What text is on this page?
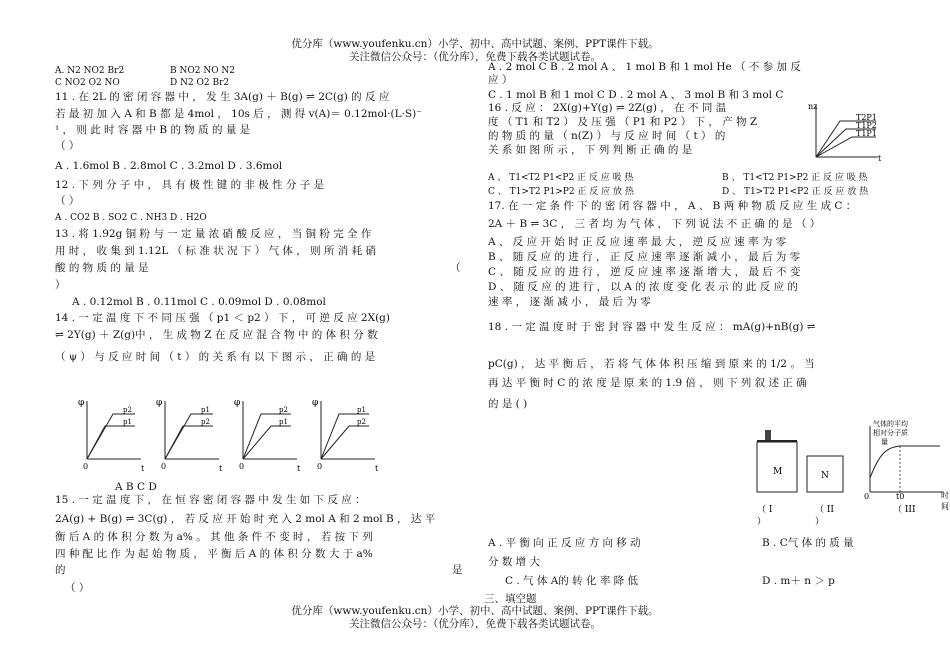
优分库（www.youfenku.cn）小学、初中、高中试题、案例、PPT课件下载。
关注微信公众号：（优分库），免费下载各类试题试卷。
A. N2 NO2 Br2	B NO2 NO N2
C NO2 O2 NO	D N2 O2 Br2
11 . 在 2L 的 密 闭 容 器 中 ， 发 生 3A(g) ＋ B(g) ⇌ 2C(g) 的 反 应
若 最 初 加 入 A 和 B 都 是 4mol ， 10s 后 ， 测 得 v(A)＝ 0.12mol·(L·S)⁻
¹ ， 则 此 时 容 器 中 B 的 物 质 的 量 是
（ ）
A . 1.6mol B . 2.8mol C . 3.2mol D . 3.6mol
12 . 下 列 分 子 中 ， 具 有 极 性 键 的 非 极 性 分 子 是
（ ）
A . CO2 B . SO2 C . NH3 D . H2O
13 . 将 1.92g 铜 粉 与 一 定 量 浓 硝 酸 反 应 ， 当 铜 粉 完 全 作
用 时 ， 收 集 到 1.12L （ 标 准 状 况 下 ） 气 体 ， 则 所 消 耗 硝
酸 的 物 质 的 量 是	（
）
A . 0.12mol B . 0.11mol C . 0.09mol D . 0.08mol
14 . 一 定 温 度 下 不 同 压 强 （ p1 ＜ p2 ） 下 ， 可 逆 反 应 2X(g)
⇌ 2Y(g) ＋ Z(g)中 ， 生 成 物 Z 在 反 应 混 合 物 中 的 体 积 分 数
（ ψ ） 与 反 应 时 间 （ t ） 的 关 系 有 以 下 图 示 ， 正 确 的 是
φ
0	t
p1
p2
φ
0	t
p1
p2
φ
0	t
p1
p2
φ
0	t
p1
p2
A B C D
15 . 一 定 温 度 下 ， 在 恒 容 密 闭 容 器 中 发 生 如 下 反 应 ：
2A(g) + B(g) ⇌ 3C(g) ， 若 反 应 开 始 时 充 入 2 mol A 和 2 mol B ， 达 平
衡 后 A 的 体 积 分 数 为 a% 。 其 他 条 件 不 变 时 ， 若 按 下 列
四 种 配 比 作 为 起 始 物 质 ， 平 衡 后 A 的 体 积 分 数 大 于 a%
的	是
（ ）
A . 2 mol C B . 2 mol A 、 1 mol B 和 1 mol He （ 不 参 加 反
应 ）
C . 1 mol B 和 1 mol C D . 2 mol A 、 3 mol B 和 3 mol C
16 . 反 应 ： 2X(g)+Y(g) ⇌ 2Z(g) ， 在 不 同 温
度 （ T1 和 T2 ） 及 压 强 （ P1 和 P2 ） 下 ， 产 物 Z
的 物 质 的 量 （ n(Z) ） 与 反 应 时 间 （ t ） 的
关 系 如 图 所 示 ， 下 列 判 断 正 确 的 是
nz
t
T2P1
T1P2
T1P1
A 、 T1<T2 P1<P2 正 反 应 吸 热	B 、 T1<T2 P1>P2 正 反 应 吸 热
C 、 T1>T2 P1>P2 正 反 应 放 热	D 、 T1>T2 P1<P2 正 反 应 放 热
17. 在 一 定 条 件 下 的 密 闭 容 器 中 ， A 、 B 两 种 物 质 反 应 生 成 C ：
2A ＋ B ⇌ 3C ， 三 者 均 为 气 体 ， 下 列 说 法 不 正 确 的 是 （ ）
A 、 反 应 开 始 时 正 反 应 速 率 最 大 ， 逆 反 应 速 率 为 零
B 、 随 反 应 的 进 行 ， 正 反 应 速 率 逐 渐 减 小 ， 最 后 为 零
C 、 随 反 应 的 进 行 ， 逆 反 应 速 率 逐 渐 增 大 ， 最 后 不 变
D 、 随 反 应 的 进 行 ， 以 A 的 浓 度 变 化 表 示 的 此 反 应 的
速 率 ， 逐 渐 减 小 ， 最 后 为 零
18 . 一 定 温 度 时 于 密 封 容 器 中 发 生 反 应 ： mA(g)+nB(g) ⇌
pC(g) ， 达 平 衡 后 ， 若 将 气 体 体 积 压 缩 到 原 来 的 1/2 。 当
再 达 平 衡 时 C 的 浓 度 是 原 来 的 1.9 倍 ， 则 下 列 叙 述 正 确
的 是 ( )
M	N
气体的平均
相对分子质
量
0	t0	时
间
（ I
）
（ II
）
（ III
A . 平 衡 向 正 反 应 方 向 移 动	B . C气 体 的 质 量
分 数 增 大
C . 气 体 A的 转 化 率 降 低	D . m＋ n ＞ p
三、填空题
优分库（www.youfenku.cn）小学、初中、高中试题、案例、PPT课件下载。
关注微信公众号：（优分库），免费下载各类试题试卷。
